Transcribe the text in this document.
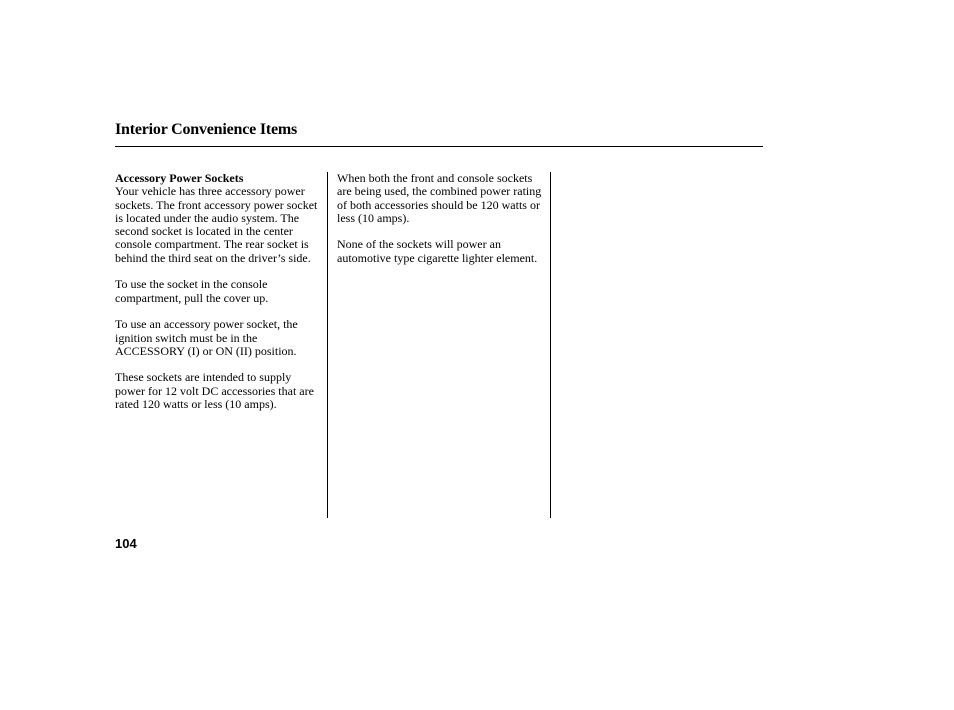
Interior Convenience Items
Accessory Power Sockets

Your vehicle has three accessory power sockets. The front accessory power socket is located under the audio system. The second socket is located in the center console compartment. The rear socket is behind the third seat on the driver’s side.

To use the socket in the console compartment, pull the cover up.

To use an accessory power socket, the ignition switch must be in the ACCESSORY (I) or ON (II) position.

These sockets are intended to supply power for 12 volt DC accessories that are rated 120 watts or less (10 amps).

When both the front and console sockets are being used, the combined power rating of both accessories should be 120 watts or less (10 amps).

None of the sockets will power an automotive type cigarette lighter element.

104
